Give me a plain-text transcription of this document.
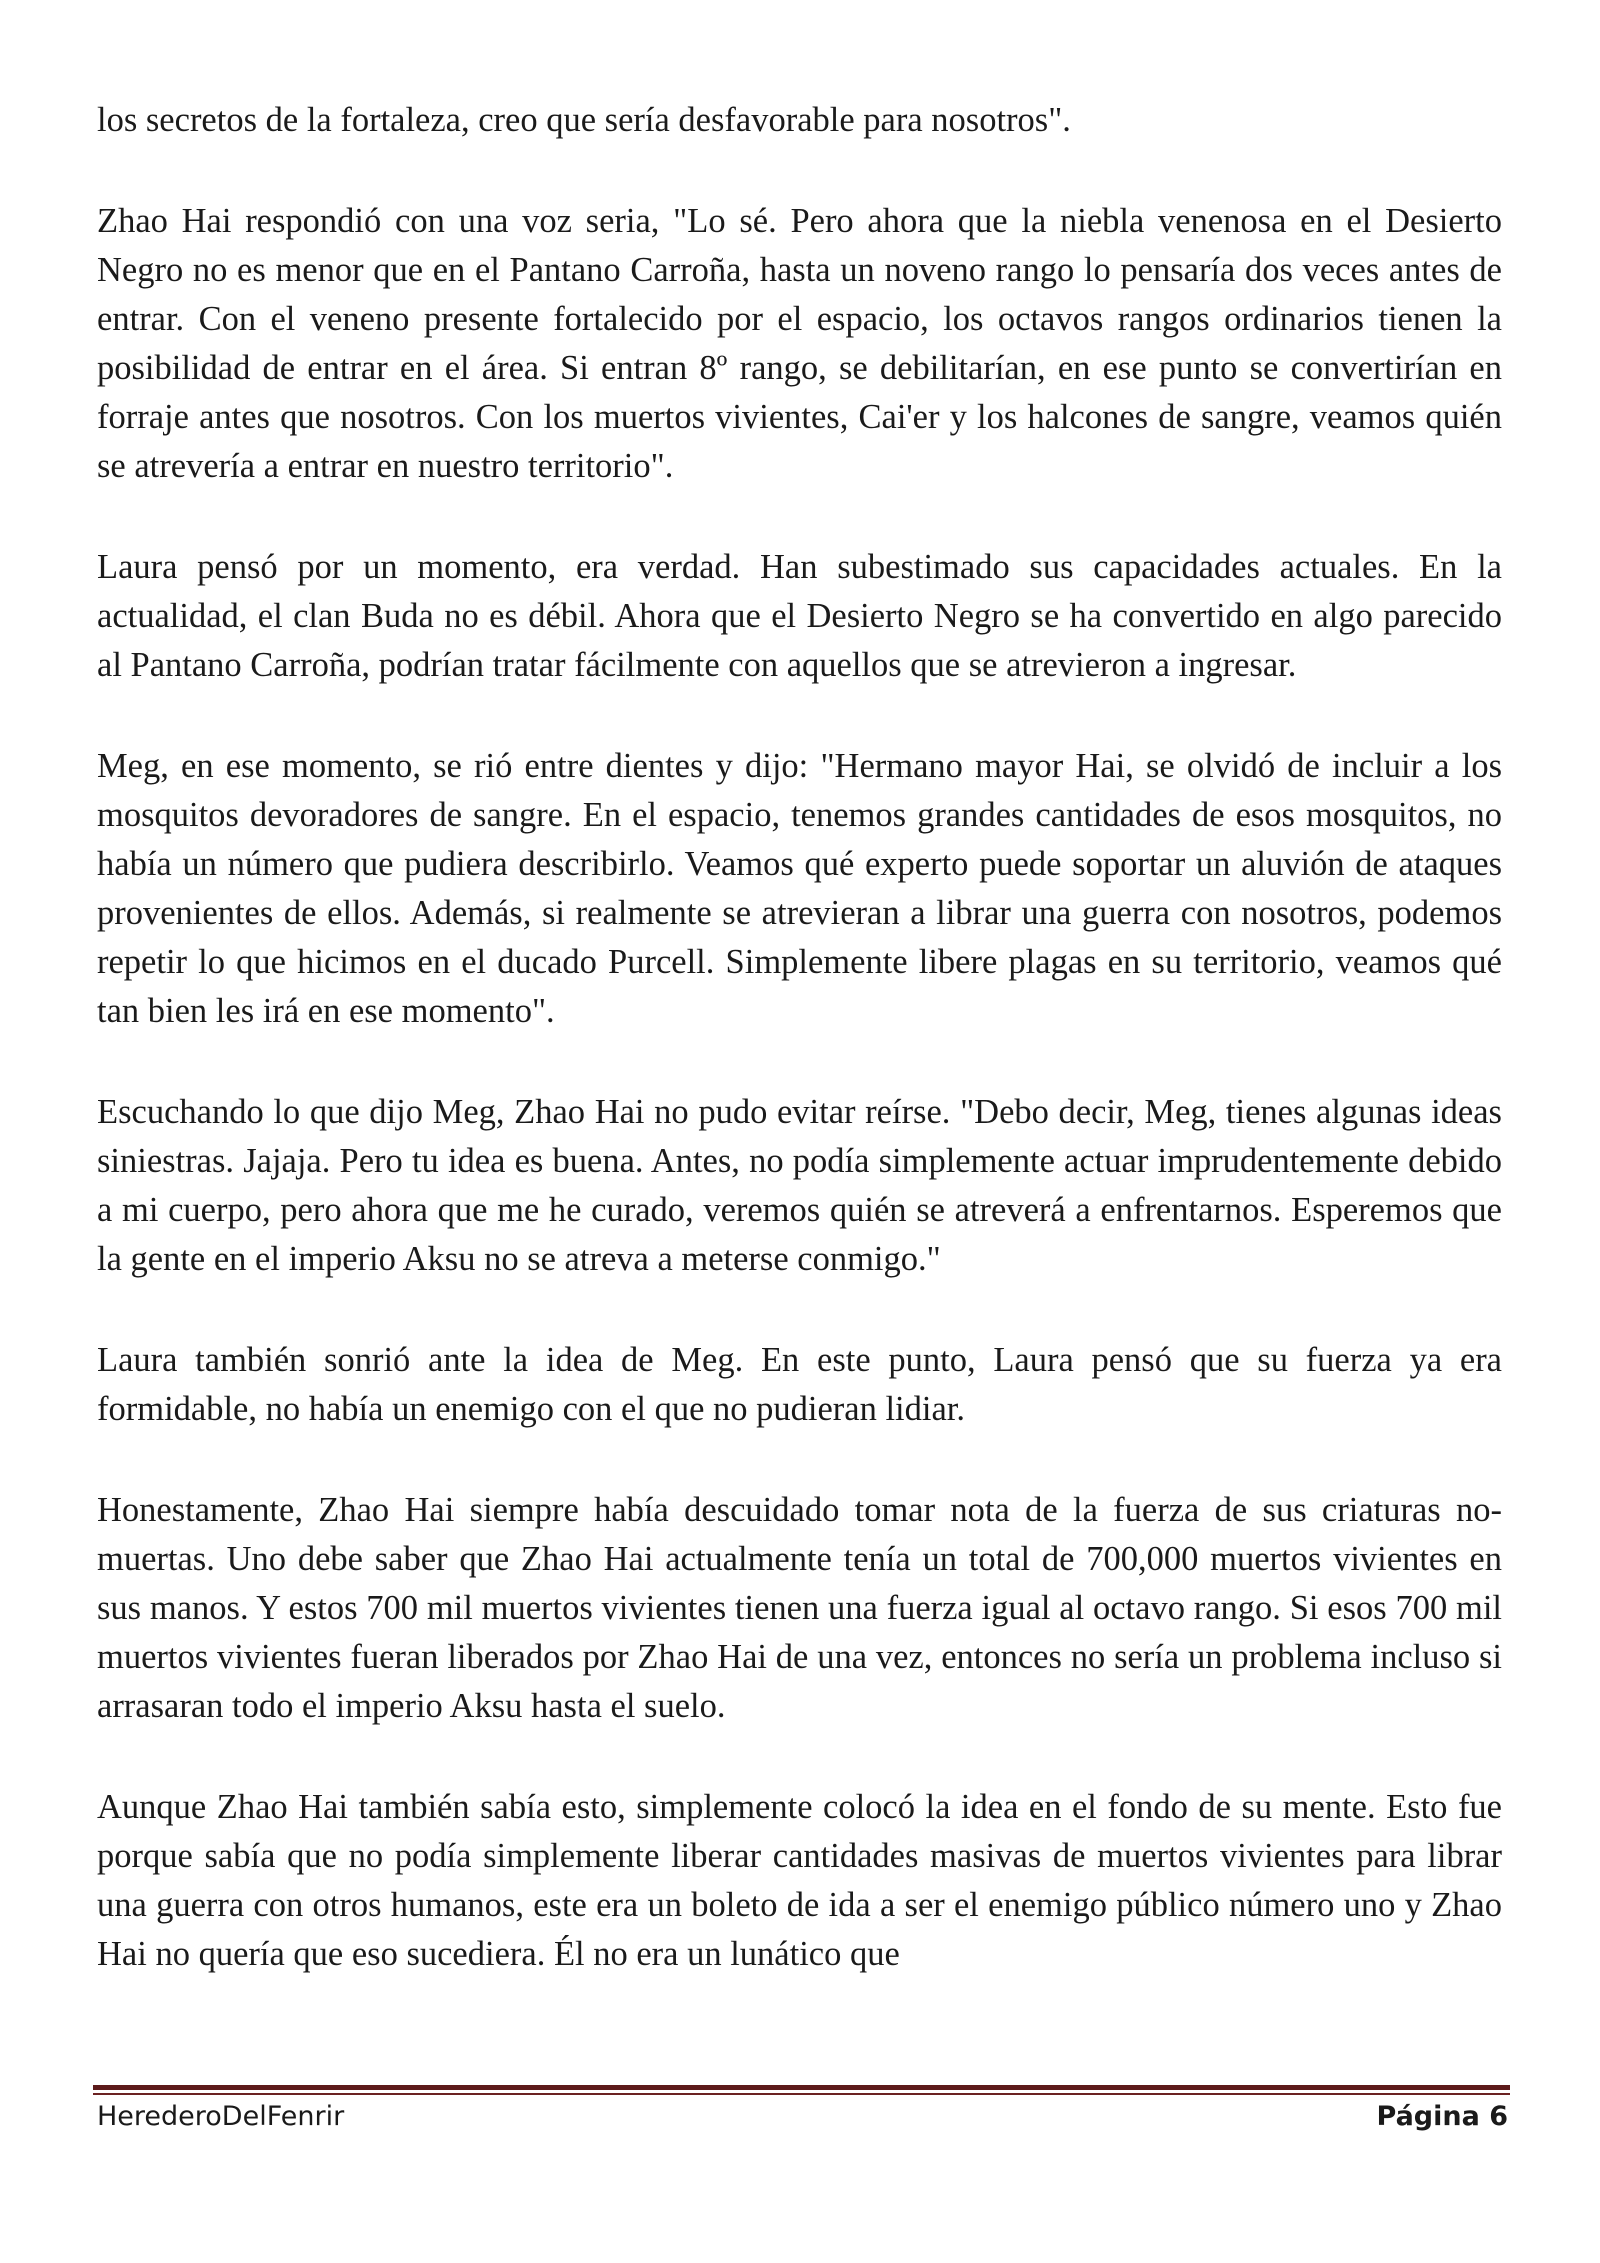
los secretos de la fortaleza, creo que sería desfavorable para nosotros".

Zhao Hai respondió con una voz seria, "Lo sé. Pero ahora que la niebla venenosa en el Desierto Negro no es menor que en el Pantano Carroña, hasta un noveno rango lo pensaría dos veces antes de entrar. Con el veneno presente fortalecido por el espacio, los octavos rangos ordinarios tienen la posibilidad de entrar en el área. Si entran 8º rango, se debilitarían, en ese punto se convertirían en forraje antes que nosotros. Con los muertos vivientes, Cai'er y los halcones de sangre, veamos quién se atrevería a entrar en nuestro territorio".

Laura pensó por un momento, era verdad. Han subestimado sus capacidades actuales. En la actualidad, el clan Buda no es débil. Ahora que el Desierto Negro se ha convertido en algo parecido al Pantano Carroña, podrían tratar fácilmente con aquellos que se atrevieron a ingresar.

Meg, en ese momento, se rió entre dientes y dijo: "Hermano mayor Hai, se olvidó de incluir a los mosquitos devoradores de sangre. En el espacio, tenemos grandes cantidades de esos mosquitos, no había un número que pudiera describirlo. Veamos qué experto puede soportar un aluvión de ataques provenientes de ellos. Además, si realmente se atrevieran a librar una guerra con nosotros, podemos repetir lo que hicimos en el ducado Purcell. Simplemente libere plagas en su territorio, veamos qué tan bien les irá en ese momento".

Escuchando lo que dijo Meg, Zhao Hai no pudo evitar reírse. "Debo decir, Meg, tienes algunas ideas siniestras. Jajaja. Pero tu idea es buena. Antes, no podía simplemente actuar imprudentemente debido a mi cuerpo, pero ahora que me he curado, veremos quién se atreverá a enfrentarnos. Esperemos que la gente en el imperio Aksu no se atreva a meterse conmigo."

Laura también sonrió ante la idea de Meg. En este punto, Laura pensó que su fuerza ya era formidable, no había un enemigo con el que no pudieran lidiar.

Honestamente, Zhao Hai siempre había descuidado tomar nota de la fuerza de sus criaturas no-muertas. Uno debe saber que Zhao Hai actualmente tenía un total de 700,000 muertos vivientes en sus manos. Y estos 700 mil muertos vivientes tienen una fuerza igual al octavo rango. Si esos 700 mil muertos vivientes fueran liberados por Zhao Hai de una vez, entonces no sería un problema incluso si arrasaran todo el imperio Aksu hasta el suelo.

Aunque Zhao Hai también sabía esto, simplemente colocó la idea en el fondo de su mente. Esto fue porque sabía que no podía simplemente liberar cantidades masivas de muertos vivientes para librar una guerra con otros humanos, este era un boleto de ida a ser el enemigo público número uno y Zhao Hai no quería que eso sucediera. Él no era un lunático que

HerederoDelFenrir	Página 6
